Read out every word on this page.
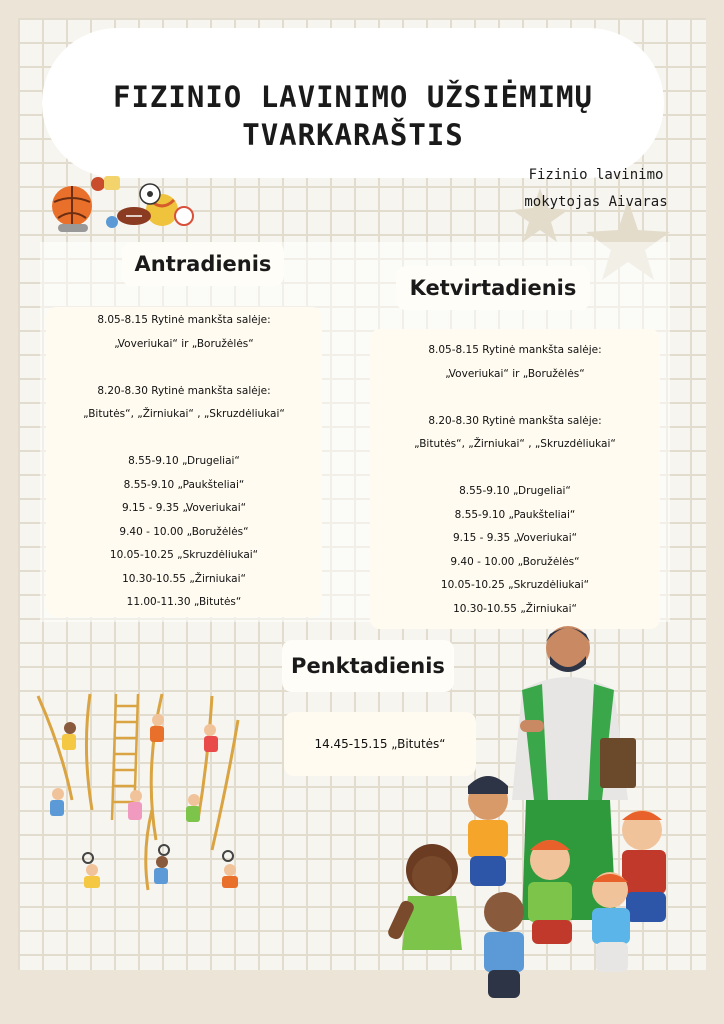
FIZINIO LAVINIMO UŽSIĖMIMŲ
TVARKARAŠTIS
Fizinio lavinimo
mokytojas Aivaras
Antradienis
8.05-8.15 Rytinė mankšta salėje:
„Voveriukai“ ir „Boružėlės“
8.20-8.30 Rytinė mankšta salėje:
„Bitutės“, „Žirniukai“ , „Skruzdėliukai“
8.55-9.10 „Drugeliai“
8.55-9.10 „Paukšteliai“
9.15 - 9.35 „Voveriukai“
9.40 - 10.00 „Boružėlės“
10.05-10.25 „Skruzdėliukai“
10.30-10.55 „Žirniukai“
11.00-11.30 „Bitutės“
Ketvirtadienis
8.05-8.15 Rytinė mankšta salėje:
„Voveriukai“ ir „Boružėlės“
8.20-8.30 Rytinė mankšta salėje:
„Bitutės“, „Žirniukai“ , „Skruzdėliukai“
8.55-9.10 „Drugeliai“
8.55-9.10 „Paukšteliai“
9.15 - 9.35 „Voveriukai“
9.40 - 10.00 „Boružėlės“
10.05-10.25 „Skruzdėliukai“
10.30-10.55 „Žirniukai“
Penktadienis
14.45-15.15 „Bitutės“
